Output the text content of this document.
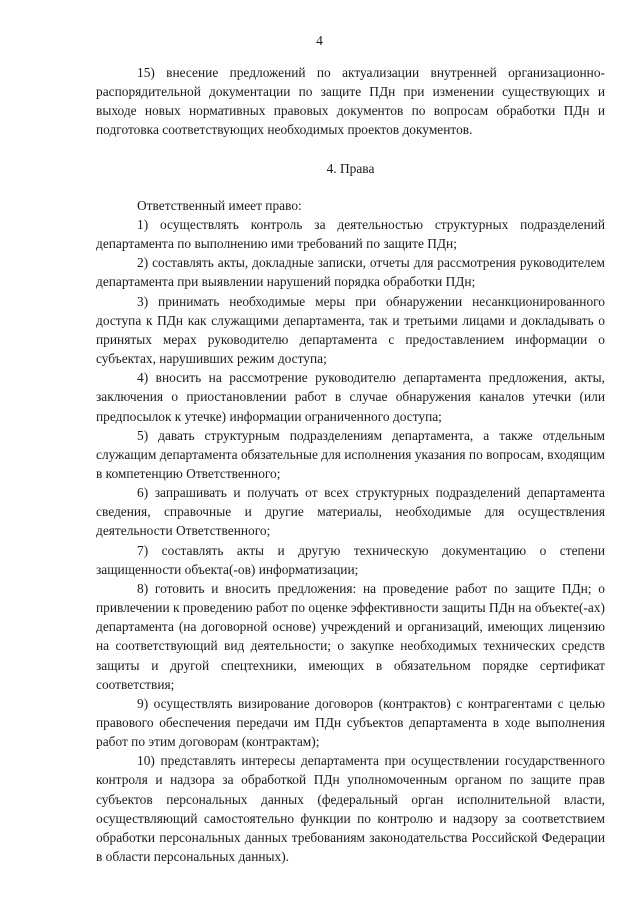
4

15) внесение предложений по актуализации внутренней организационно-распорядительной документации по защите ПДн при изменении существующих и выходе новых нормативных правовых документов по вопросам обработки ПДн и подготовка соответствующих необходимых проектов документов.

4. Права

Ответственный имеет право:

1) осуществлять контроль за деятельностью структурных подразделений департамента по выполнению ими требований по защите ПДн;

2) составлять акты, докладные записки, отчеты для рассмотрения руководителем департамента при выявлении нарушений порядка обработки ПДн;

3) принимать необходимые меры при обнаружении несанкционированного доступа к ПДн как служащими департамента, так и третьими лицами и докладывать о принятых мерах руководителю департамента с предоставлением информации о субъектах, нарушивших режим доступа;

4) вносить на рассмотрение руководителю департамента предложения, акты, заключения о приостановлении работ в случае обнаружения каналов утечки (или предпосылок к утечке) информации ограниченного доступа;

5) давать структурным подразделениям департамента, а также отдельным служащим департамента обязательные для исполнения указания по вопросам, входящим в компетенцию Ответственного;

6) запрашивать и получать от всех структурных подразделений департамента сведения, справочные и другие материалы, необходимые для осуществления деятельности Ответственного;

7) составлять акты и другую техническую документацию о степени защищенности объекта(-ов) информатизации;

8) готовить и вносить предложения: на проведение работ по защите ПДн; о привлечении к проведению работ по оценке эффективности защиты ПДн на объекте(-ах) департамента (на договорной основе) учреждений и организаций, имеющих лицензию на соответствующий вид деятельности; о закупке необходимых технических средств защиты и другой спецтехники, имеющих в обязательном порядке сертификат соответствия;

9) осуществлять визирование договоров (контрактов) с контрагентами с целью правового обеспечения передачи им ПДн субъектов департамента в ходе выполнения работ по этим договорам (контрактам);

10) представлять интересы департамента при осуществлении государственного контроля и надзора за обработкой ПДн уполномоченным органом по защите прав субъектов персональных данных (федеральный орган исполнительной власти, осуществляющий самостоятельно функции по контролю и надзору за соответствием обработки персональных данных требованиям законодательства Российской Федерации в области персональных данных).
